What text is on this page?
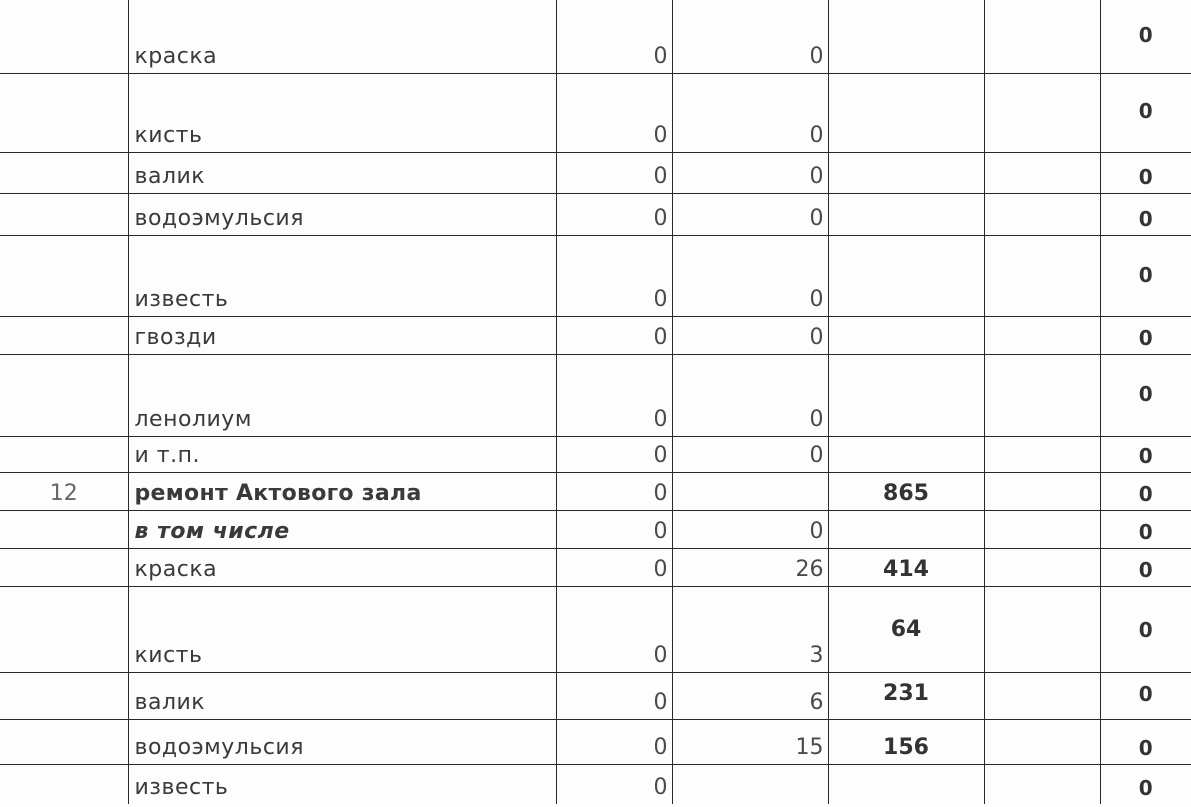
	краска	0	0			0
	кисть	0	0			0
	валик	0	0			0
	водоэмульсия	0	0			0
	известь	0	0			0
	гвозди	0	0			0
	ленолиум	0	0			0
	и т.п.	0	0			0
12	ремонт Актового зала	0		865		0
	в том числе	0	0			0
	краска	0	26	414		0
	кисть	0	3	64		0
	валик	0	6	231		0
	водоэмульсия	0	15	156		0
	известь	0				0
